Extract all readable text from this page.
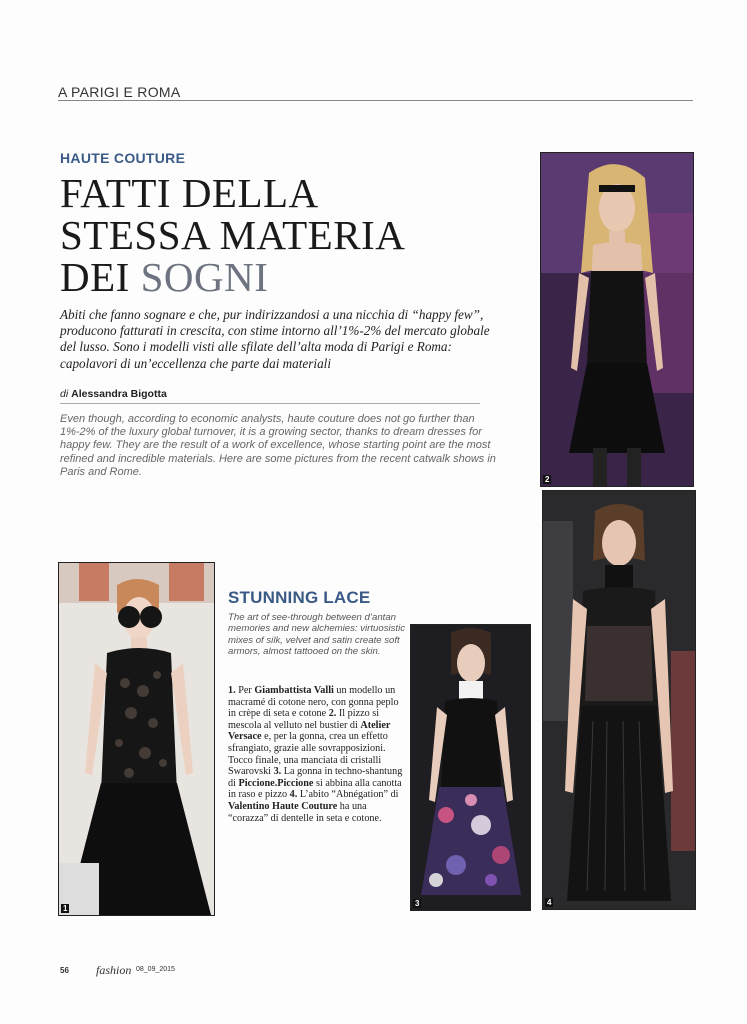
A PARIGI E ROMA
HAUTE COUTURE
FATTI DELLA
STESSA MATERIA
DEI SOGNI
Abiti che fanno sognare e che, pur indirizzandosi a una nicchia di “happy few”, producono fatturati in crescita, con stime intorno all’1%-2% del mercato globale del lusso. Sono i modelli visti alle sfilate dell’alta moda di Parigi e Roma: capolavori di un’eccellenza che parte dai materiali
di Alessandra Bigotta
Even though, according to economic analysts, haute couture does not go further than 1%-2% of the luxury global turnover, it is a growing sector, thanks to dream dresses for happy few. They are the result of a work of excellence, whose starting point are the most refined and incredible materials. Here are some pictures from the recent catwalk shows in Paris and Rome.
2
1
3	4
STUNNING LACE
The art of see-through between d’antan memories and new alchemies: virtuosistic mixes of silk, velvet and satin create soft armors, almost tattooed on the skin.
1. Per Giambattista Valli un modello un macramé di cotone nero, con gonna peplo in crèpe di seta e cotone 2. Il pizzo si mescola al velluto nel bustier di Atelier Versace e, per la gonna, crea un effetto sfrangiato, grazie alle sovrapposizioni. Tocco finale, una manciata di cristalli Swarovski 3. La gonna in techno-shantung di Piccione.Piccione si abbina alla canotta in raso e pizzo 4. L’abito “Abnégation” di Valentino Haute Couture ha una “corazza” di dentelle in seta e cotone.
56 fashion 08_09_2015
